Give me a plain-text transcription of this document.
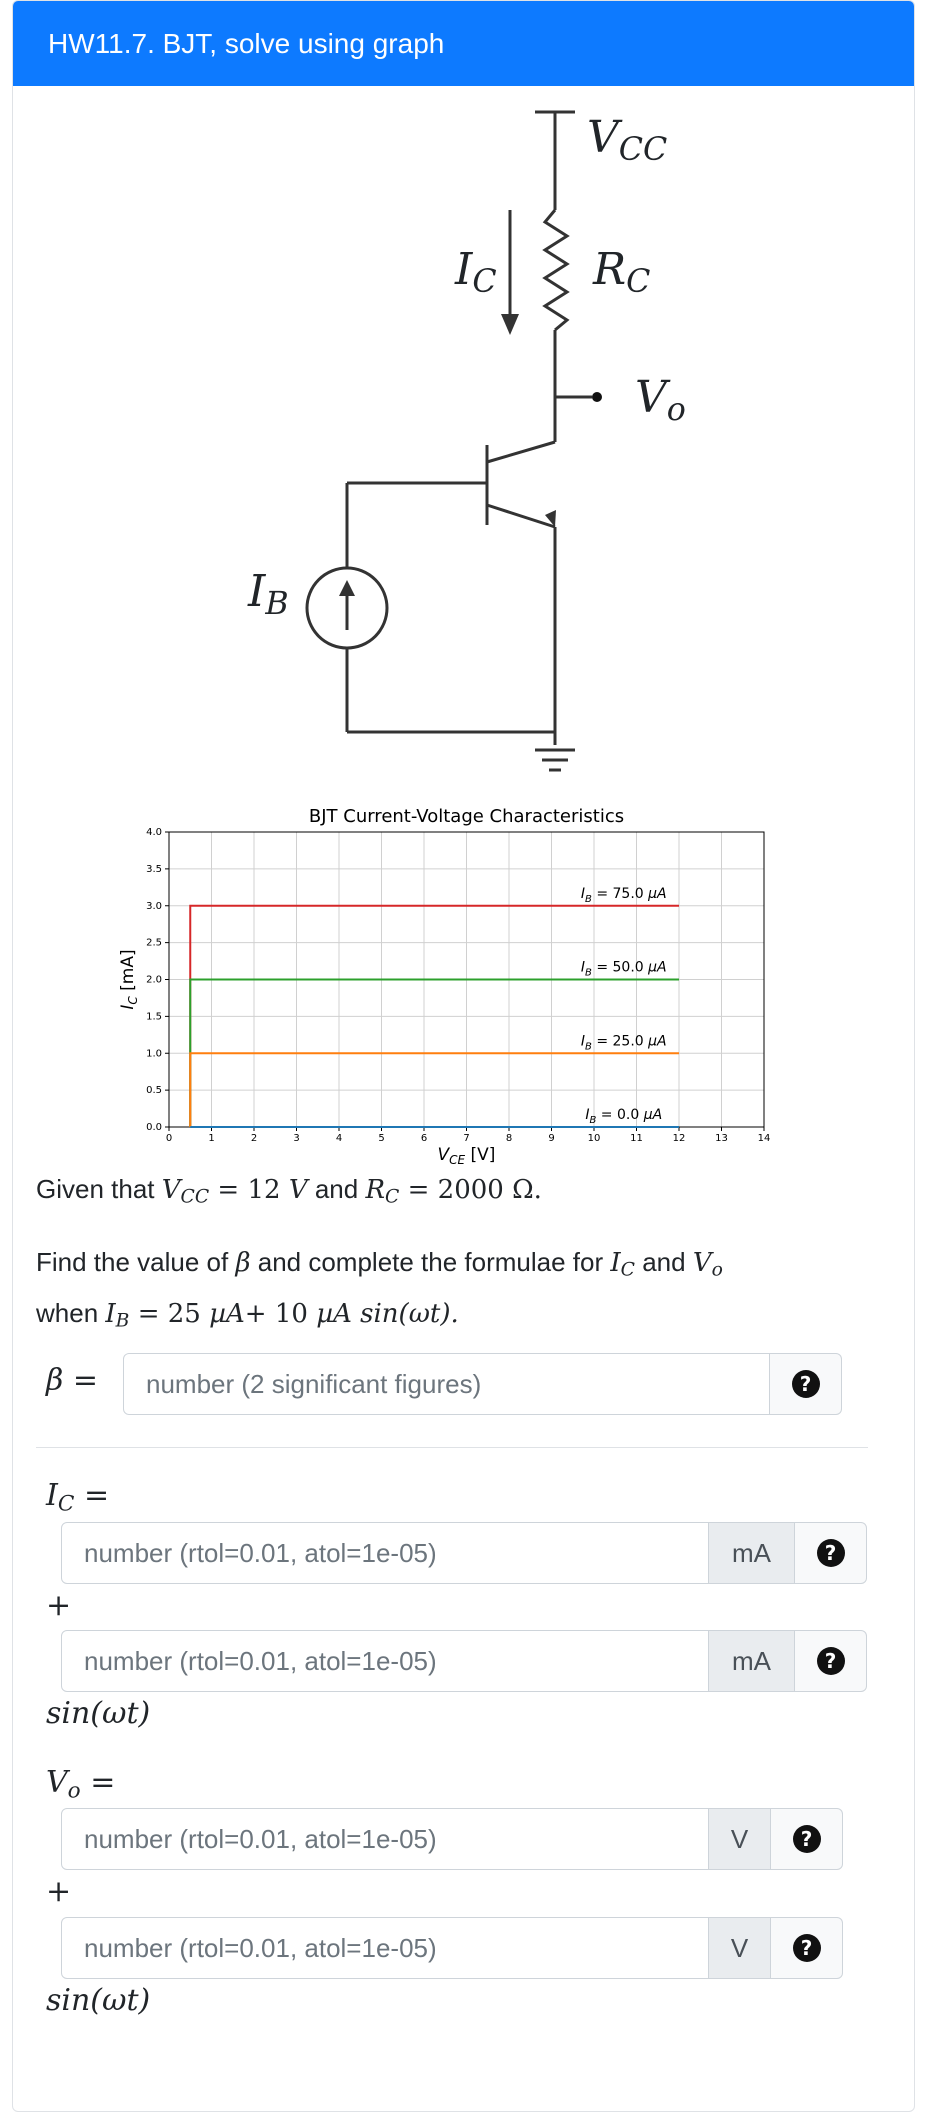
HW11.7. BJT, solve using graph
$V_{CC}$
$R_C$
$I_C$
$V_o$
$I_B$
0	1	2	3	4	5	6	7	8	9	10	11	12	13	14
0.0
0.5
1.0
1.5
2.0
2.5
3.0
3.5
4.0
$I_B = 75.0$ µA
$I_B = 50.0$ µA
$I_B = 25.0$ µA
$I_B = 0.0$ µA
BJT Current-Voltage Characteristics
$V_{CE}$ [V]
$I_C$ [mA]
Given that $V_{CC} = 12$ V and $R_C = 2000$ Ω.
Find the value of β and complete the formulae for $I_C$ and $V_o$
when $I_B = 25$ µA+ 10 µA sin(ωt).
β =	number (2 significant figures)	?
$I_C$ =
number (rtol=0.01, atol=1e-05)	mA	?
+
number (rtol=0.01, atol=1e-05)	mA	?
sin(ωt)
$V_o$ =
number (rtol=0.01, atol=1e-05)	V	?
+
number (rtol=0.01, atol=1e-05)	V	?
sin(ωt)
